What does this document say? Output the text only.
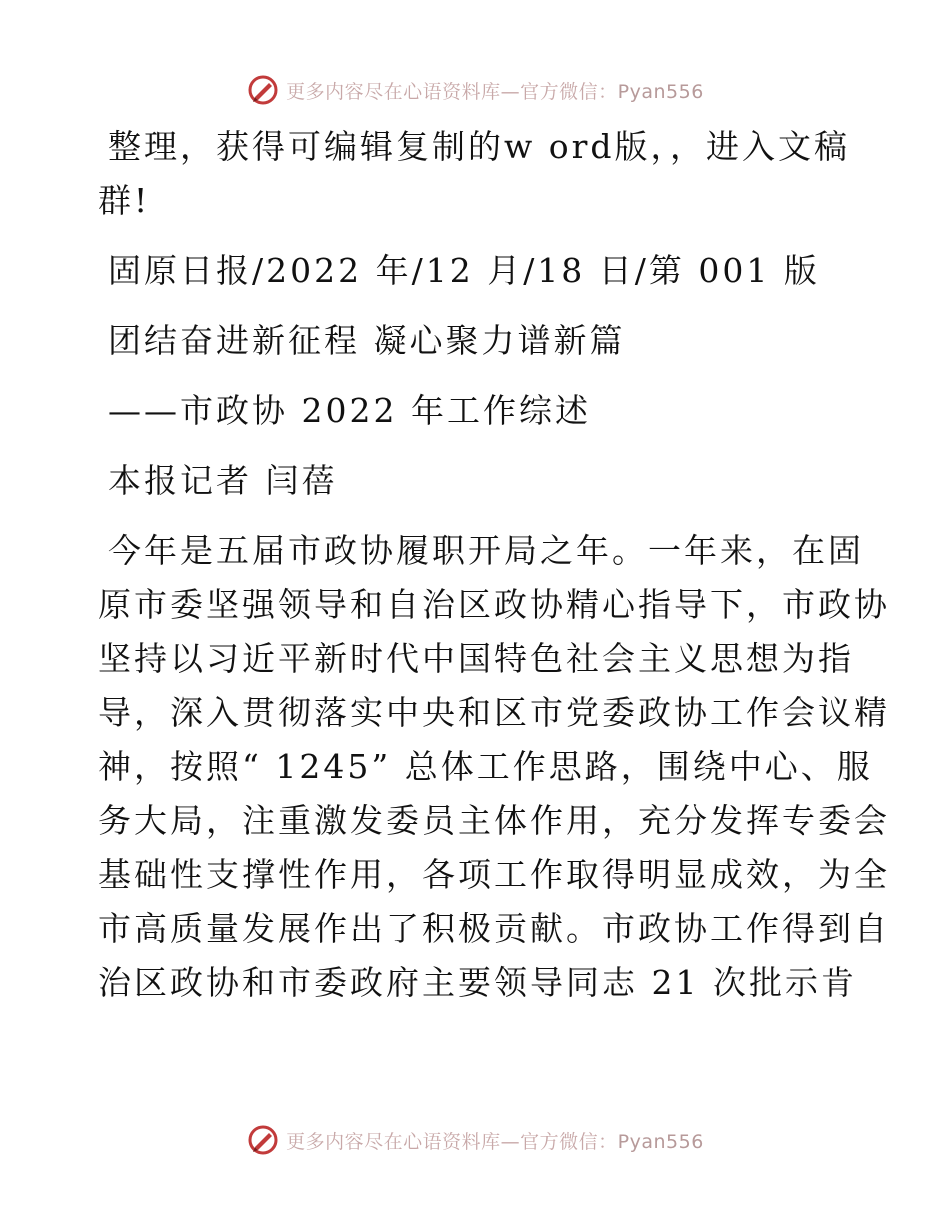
更多内容尽在心语资料库—官方微信：Pyan556
整理，获得可编辑复制的w ord版，，进入文稿
群!
固原日报/2022 年/12 月/18 日/第 001 版
团结奋进新征程 凝心聚力谱新篇
——市政协 2022 年工作综述
本报记者 闫蓓
今年是五届市政协履职开局之年。一年来，在固
原市委坚强领导和自治区政协精心指导下，市政协
坚持以习近平新时代中国特色社会主义思想为指
导，深入贯彻落实中央和区市党委政协工作会议精
神，按照“ 1245” 总体工作思路，围绕中心、服
务大局，注重激发委员主体作用，充分发挥专委会
基础性支撑性作用，各项工作取得明显成效，为全
市高质量发展作出了积极贡献。市政协工作得到自
治区政协和市委政府主要领导同志 21 次批示肯
更多内容尽在心语资料库—官方微信：Pyan556
